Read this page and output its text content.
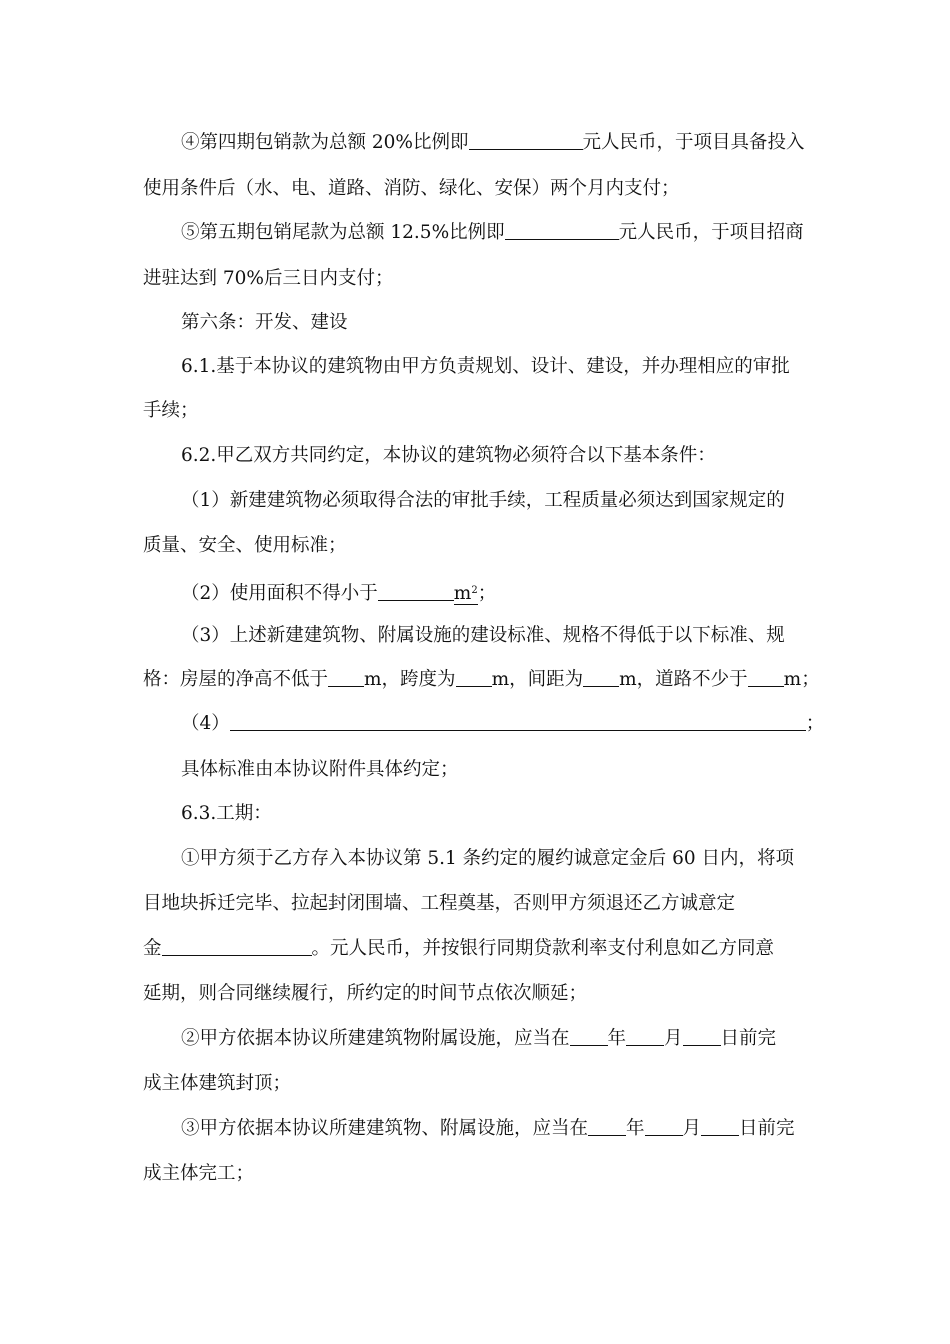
④第四期包销款为总额 20%比例即	元人民币，于项目具备投入
使用条件后（水、电、道路、消防、绿化、安保）两个月内支付；
⑤第五期包销尾款为总额 12.5%比例即	元人民币，于项目招商
进驻达到 70%后三日内支付；
第六条：开发、建设
6.1.基于本协议的建筑物由甲方负责规划、设计、建设，并办理相应的审批
手续；
6.2.甲乙双方共同约定，本协议的建筑物必须符合以下基本条件：
（1）新建建筑物必须取得合法的审批手续，工程质量必须达到国家规定的
质量、安全、使用标准；
（2）使用面积不得小于	$m^2$；
（3）上述新建建筑物、附属设施的建设标准、规格不得低于以下标准、规
格：房屋的净高不低于 m，跨度为 m，间距为 m，道路不少于 m；
（4）	；
具体标准由本协议附件具体约定；
6.3.工期：
①甲方须于乙方存入本协议第 5.1 条约定的履约诚意定金后 60 日内，将项
目地块拆迁完毕、拉起封闭围墙、工程奠基，否则甲方须退还乙方诚意定
金	。元人民币，并按银行同期贷款利率支付利息如乙方同意
延期，则合同继续履行，所约定的时间节点依次顺延；
②甲方依据本协议所建建筑物附属设施，应当在 年 月 日前完
成主体建筑封顶；
③甲方依据本协议所建建筑物、附属设施，应当在 年 月 日前完
成主体完工；
